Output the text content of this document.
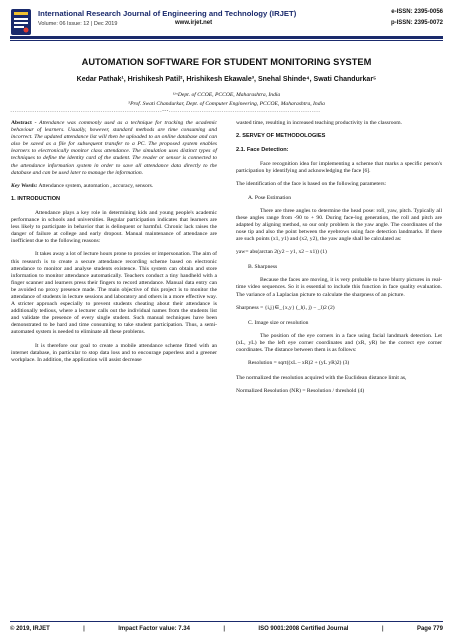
International Research Journal of Engineering and Technology (IRJET)
Volume: 06 Issue: 12 | Dec 2019	www.irjet.net
e-ISSN: 2395-0056
p-ISSN: 2395-0072
AUTOMATION SOFTWARE FOR STUDENT MONITORING SYSTEM
Kedar Pathak¹, Hrishikesh Patil², Hrishikesh Ekawale³, Snehal Shinde⁴, Swati Chandurkar⁵
¹ʲʳʴDept. of CCOE, PCCOE, Maharashtra, India
⁵Prof. Swati Chandurkar, Dept. of Computer Engineering, PCCOE, Maharashtra, India
---------------------------------------------------------------------***---------------------------------------------------------------------

Abstract - Attendance was commonly used as a technique for tracking the academic behaviour of learners. Usually, however, standard methods are time consuming and incorrect. The updated attendance list will then be uploaded to an online database and can also be saved as a file for subsequent transfer to a PC. The proposed system enables learners to electronically monitor class attendance. The simulation uses distinct types of techniques to define the identity card of the student. The reader or sensor is connected to the attendance information system in order to save all attendance data directly to the database and can be used later to manage the information.

Key Words: Attendance system, automation , accuracy, sensors.

1. INTRODUCTION

Attendance plays a key role in determining kids and young people's academic performance in schools and universities. Regular participation indicates that learners are less likely to participate in behavior that is delinquent or harmful. Chronic lack raises the danger of failure at college and early dropout. Manual maintenance of attendance are inefficient due to the following reasons:

It takes away a lot of lecture hours prone to proxies or impersonation. The aim of this research is to create a secure attendance recording scheme based on electronic attendance to monitor and analyse students existence. This system can obtain and store information to monitor attendance automatically. Teachers conduct a tiny handheld with a finger scanner and learners press their fingers to record attendance. Manual data entry can be avoided no proxy presence made. The main objective of this project is to monitor the attendance of students in lecture sessions and laboratory and others in a more effective way. A stricter approach especially to prevent students cheating about their attendance is additionally tedious, where a lecturer calls out the individual names from the students list and validate the presence of every single student. Such manual techniques have been demonstrated to be hard and time consuming to take student participation. Thus, a semi-automated system is needed to eliminate all these problems.

It is therefore our goal to create a mobile attendance scheme fitted with an internet database, in particular to stop data loss and to encourage paperless and a greener workplace. In addition, the application will assist decrease

wasted time, resulting in increased teaching productivity in the classroom.

2. SERVEY OF METHODOLOGIES
2.1. Face Detection:

Face recognition idea for implementing a scheme that marks a specific person's participation by identifying and acknowledging the face [6].

The identification of the face is based on the following parameters:

A. Pose Estimation

There are three angles to determine the head pose: roll, yaw, pitch. Typically all these angles range from -90 to + 90. During face-log generation, the roll and pitch are adapted by aligning method, so our only problem is the yaw angle. The coordinates of the nose tip and also the point between the eyebrows using face detection landmarks. If there are such points (x1, y1) and (x2, y2), the yaw angle shall be calculated as:

yaw= abs(arctan 2(y2 – y1, x2 – x1)) (1)

B. Sharpness

Because the faces are moving, it is very probable to have blurry pictures in real-time video sequences. So it is essential to include this function in face quality evaluation. The variance of a Laplacian picture to calculate the sharpness of an picture.

Sharpness = {i,j}∈_{x,y} (_l(i, j) − _l)2 (2)

C. Image size or resolution

The position of the eye corners in a face using facial landmark detection. Let (xL, yL) be the left eye corner coordinates and (xR, yR) be the correct eye corner coordinates. The distance between them is as follows:

Resolution = sqrt((xL – xR)2 + (yL yR)2) (3)

The normalized the resolution acquired with the Euclidean distance limit as,

Normalized Resolution (NR) = Resolution / threshold (4)

© 2019, IRJET	|	Impact Factor value: 7.34	|	ISO 9001:2008 Certified Journal	|	Page 779
